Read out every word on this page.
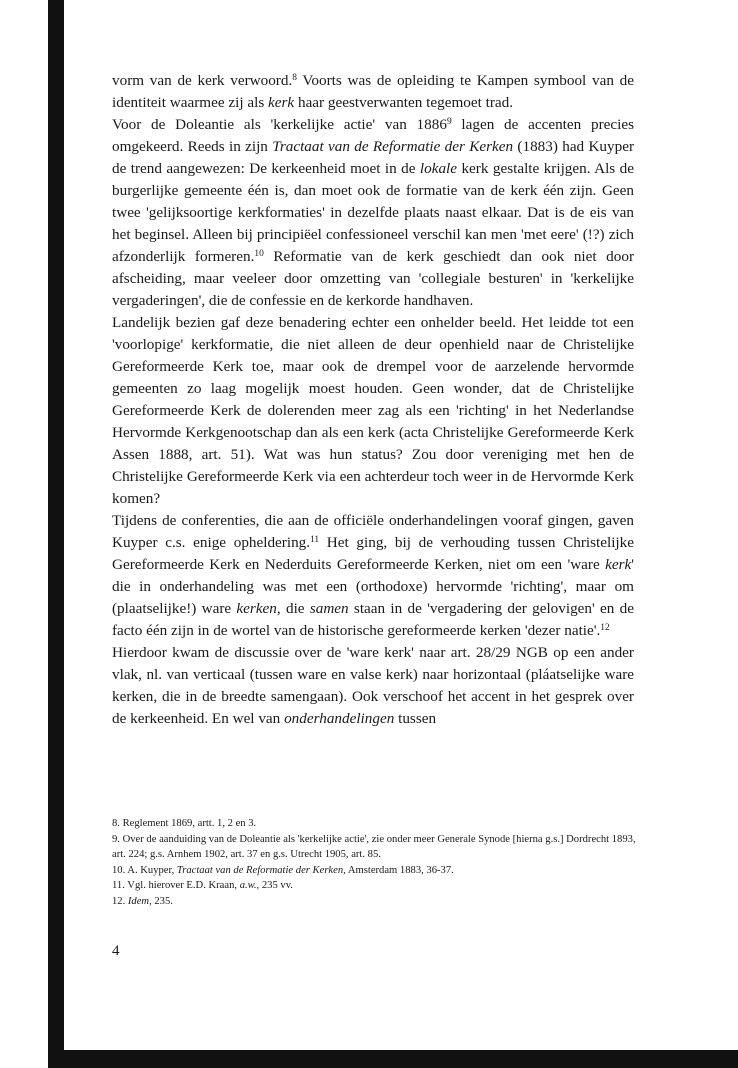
vorm van de kerk verwoord.$^8$ Voorts was de opleiding te Kampen symbool van de identiteit waarmee zij als kerk haar geestverwanten tegemoet trad.

Voor de Doleantie als 'kerkelijke actie' van 1886$^9$ lagen de accenten precies omgekeerd. Reeds in zijn Tractaat van de Reformatie der Kerken (1883) had Kuyper de trend aangewezen: De kerkeenheid moet in de lokale kerk gestalte krijgen. Als de burgerlijke gemeente één is, dan moet ook de formatie van de kerk één zijn. Geen twee 'gelijksoortige kerkformaties' in dezelfde plaats naast elkaar. Dat is de eis van het beginsel. Alleen bij principiëel confessioneel verschil kan men 'met eere' (!?) zich afzonderlijk formeren.$^{10}$ Reformatie van de kerk geschiedt dan ook niet door afscheiding, maar veeleer door omzetting van 'collegiale besturen' in 'kerkelijke vergaderingen', die de confessie en de kerkorde handhaven.

Landelijk bezien gaf deze benadering echter een onhelder beeld. Het leidde tot een 'voorlopige' kerkformatie, die niet alleen de deur openhield naar de Christelijke Gereformeerde Kerk toe, maar ook de drempel voor de aarzelende hervormde gemeenten zo laag mogelijk moest houden. Geen wonder, dat de Christelijke Gereformeerde Kerk de dolerenden meer zag als een 'richting' in het Nederlandse Hervormde Kerkgenootschap dan als een kerk (acta Christelijke Gereformeerde Kerk Assen 1888, art. 51). Wat was hun status? Zou door vereniging met hen de Christelijke Gereformeerde Kerk via een achterdeur toch weer in de Hervormde Kerk komen?

Tijdens de conferenties, die aan de officiële onderhandelingen vooraf gingen, gaven Kuyper c.s. enige opheldering.$^{11}$ Het ging, bij de verhouding tussen Christelijke Gereformeerde Kerk en Nederduits Gereformeerde Kerken, niet om een 'ware kerk' die in onderhandeling was met een (orthodoxe) hervormde 'richting', maar om (plaatselijke!) ware kerken, die samen staan in de 'vergadering der gelovigen' en de facto één zijn in de wortel van de historische gereformeerde kerken 'dezer natie'.$^{12}$

Hierdoor kwam de discussie over de 'ware kerk' naar art. 28/29 NGB op een ander vlak, nl. van verticaal (tussen ware en valse kerk) naar horizontaal (pláatselijke ware kerken, die in de breedte samengaan). Ook verschoof het accent in het gesprek over de kerkeenheid. En wel van onderhandelingen tussen

8. Reglement 1869, artt. 1, 2 en 3.
9. Over de aanduiding van de Doleantie als 'kerkelijke actie', zie onder meer Generale Synode [hierna g.s.] Dordrecht 1893, art. 224; g.s. Arnhem 1902, art. 37 en g.s. Utrecht 1905, art. 85.
10. A. Kuyper, Tractaat van de Reformatie der Kerken, Amsterdam 1883, 36-37.
11. Vgl. hierover E.D. Kraan, a.w., 235 vv.
12. Idem, 235.
4
